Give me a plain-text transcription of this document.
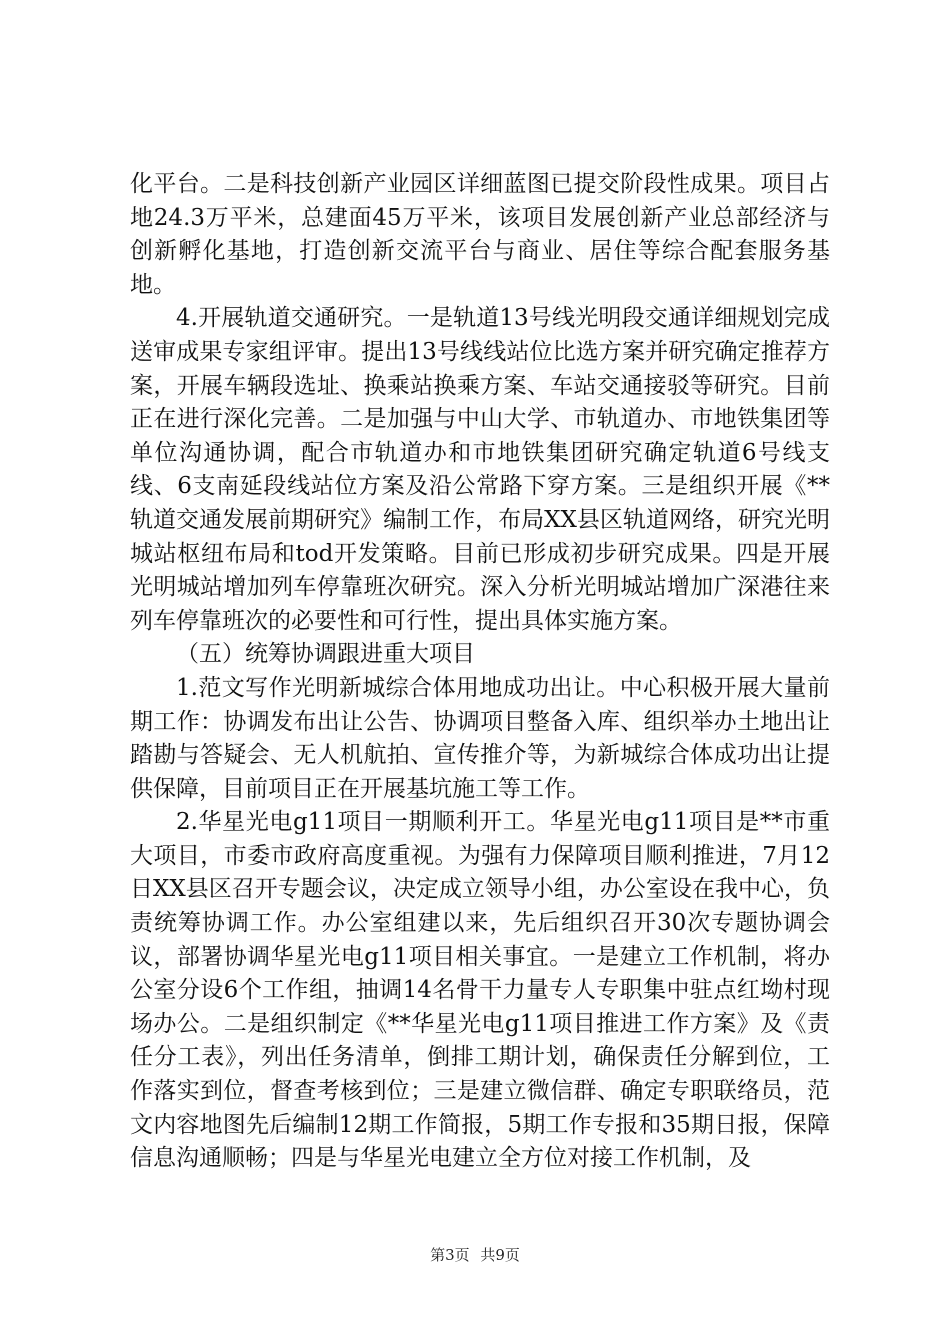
化平台。二是科技创新产业园区详细蓝图已提交阶段性成果。项目占地24.3万平米，总建面45万平米，该项目发展创新产业总部经济与创新孵化基地，打造创新交流平台与商业、居住等综合配套服务基地。

4.开展轨道交通研究。一是轨道13号线光明段交通详细规划完成送审成果专家组评审。提出13号线线站位比选方案并研究确定推荐方案，开展车辆段选址、换乘站换乘方案、车站交通接驳等研究。目前正在进行深化完善。二是加强与中山大学、市轨道办、市地铁集团等单位沟通协调，配合市轨道办和市地铁集团研究确定轨道6号线支线、6支南延段线站位方案及沿公常路下穿方案。三是组织开展《**轨道交通发展前期研究》编制工作，布局XX县区轨道网络，研究光明城站枢纽布局和tod开发策略。目前已形成初步研究成果。四是开展光明城站增加列车停靠班次研究。深入分析光明城站增加广深港往来列车停靠班次的必要性和可行性，提出具体实施方案。

（五）统筹协调跟进重大项目

1.范文写作光明新城综合体用地成功出让。中心积极开展大量前期工作：协调发布出让公告、协调项目整备入库、组织举办土地出让踏勘与答疑会、无人机航拍、宣传推介等，为新城综合体成功出让提供保障，目前项目正在开展基坑施工等工作。

2.华星光电g11项目一期顺利开工。华星光电g11项目是**市重大项目，市委市政府高度重视。为强有力保障项目顺利推进，7月12日XX县区召开专题会议，决定成立领导小组，办公室设在我中心，负责统筹协调工作。办公室组建以来，先后组织召开30次专题协调会议，部署协调华星光电g11项目相关事宜。一是建立工作机制，将办公室分设6个工作组，抽调14名骨干力量专人专职集中驻点红坳村现场办公。二是组织制定《**华星光电g11项目推进工作方案》及《责任分工表》，列出任务清单，倒排工期计划，确保责任分解到位，工作落实到位，督查考核到位；三是建立微信群、确定专职联络员，范文内容地图先后编制12期工作简报，5期工作专报和35期日报，保障信息沟通顺畅；四是与华星光电建立全方位对接工作机制，及

第3页 共9页
